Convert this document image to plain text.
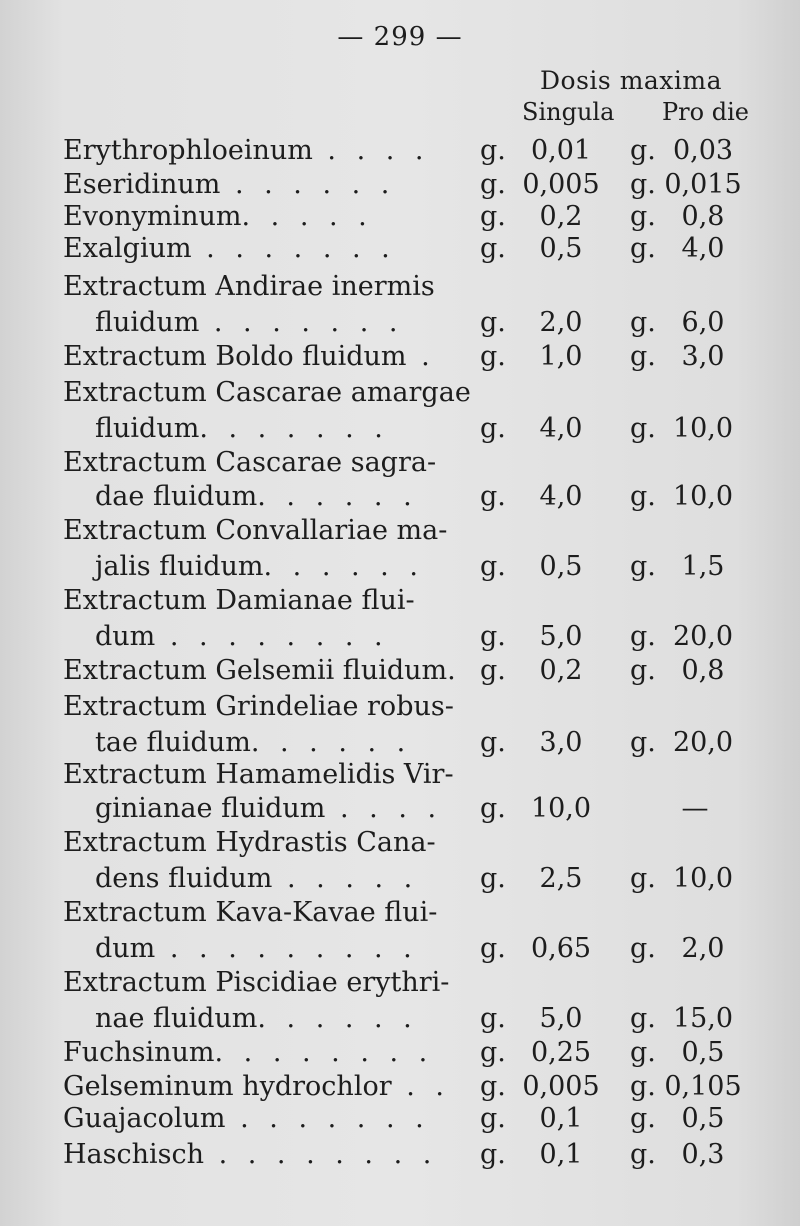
— 299 —
Dosis maxima
Singula Pro die
Erythrophloeinum . . . . g. 0,01	g. 0,03
Eseridinum . . . . . .	g. 0,005 g. 0,015
Evonyminum. . . . .	g.	0,2	g. 0,8
Exalgium . . . . . . .	g.	0,5	g. 4,0
Extractum Andirae inermis
fluidum . . . . . . .	g.	2,0	g. 6,0
Extractum Boldo fluidum . g.	1,0	g. 3,0
Extractum Cascarae amargae
fluidum. . . . . . .	g.	4,0	g. 10,0
Extractum Cascarae sagra-
dae fluidum. . . . . . g.	4,0	g. 10,0
Extractum Convallariae ma-
jalis fluidum. . . . . . g.	0,5	g. 1,5
Extractum Damianae flui-
dum . . . . . . . .	g.	5,0	g. 20,0
Extractum Gelsemii fluidum. g.	0,2	g. 0,8
Extractum Grindeliae robus-
tae fluidum. . . . . .	g.	3,0	g. 20,0
Extractum Hamamelidis Vir-
ginianae fluidum . . . . g. 10,0	—
Extractum Hydrastis Cana-
dens fluidum . . . . . g.	2,5	g. 10,0
Extractum Kava-Kavae flui-
dum . . . . . . . . . g. 0,65	g. 2,0
Extractum Piscidiae erythri-
nae fluidum. . . . . . g.	5,0	g. 15,0
Fuchsinum. . . . . . . . g. 0,25	g. 0,5
Gelseminum hydrochlor . . g. 0,005 g. 0,105
Guajacolum . . . . . . . g.	0,1	g. 0,5
Haschisch . . . . . . . . g.	0,1	g. 0,3
